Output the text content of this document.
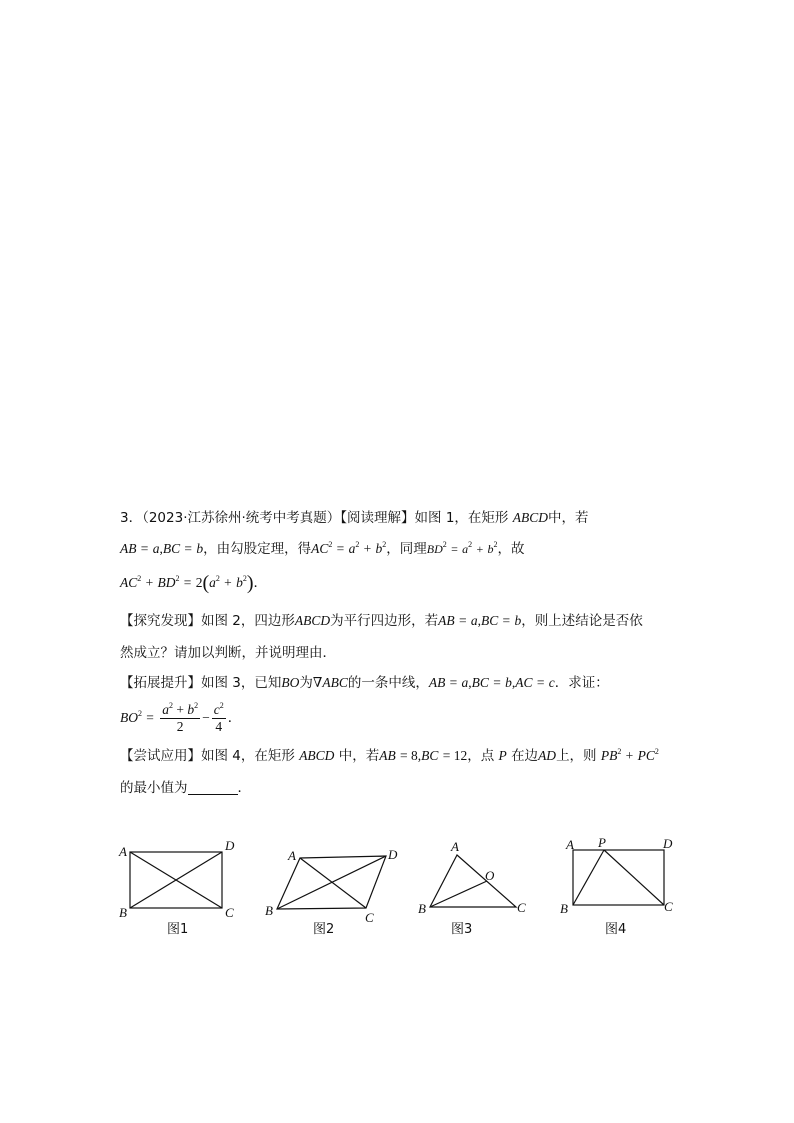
3．（2023·江苏徐州·统考中考真题）【阅读理解】如图 1，在矩形 ABCD中，若
AB = a,BC = b，由勾股定理，得$AC^2 = a^2 + b^2$，同理$BD^2 = a^2 + b^2$，故
$AC^2 + BD^2 = 2(a^2 + b^2)$．
【探究发现】如图 2，四边形ABCD为平行四边形，若AB = a,BC = b，则上述结论是否依
然成立？请加以判断，并说明理由．
【拓展提升】如图 3，已知BO为∇ABC的一条中线，AB = a,BC = b,AC = c．求证：
$BO^2 = \frac{a^2 + b^2}{2} - \frac{c^2}{4}$ ．
【尝试应用】如图 4，在矩形 ABCD 中，若AB = 8,BC = 12，点 P 在边AD上，则 $PB^2 + PC^2$
的最小值为	．
A	D
B	C
图1
A	D
B	C
图2
A
O
B	C
图3
A P	D
B	C
图4
